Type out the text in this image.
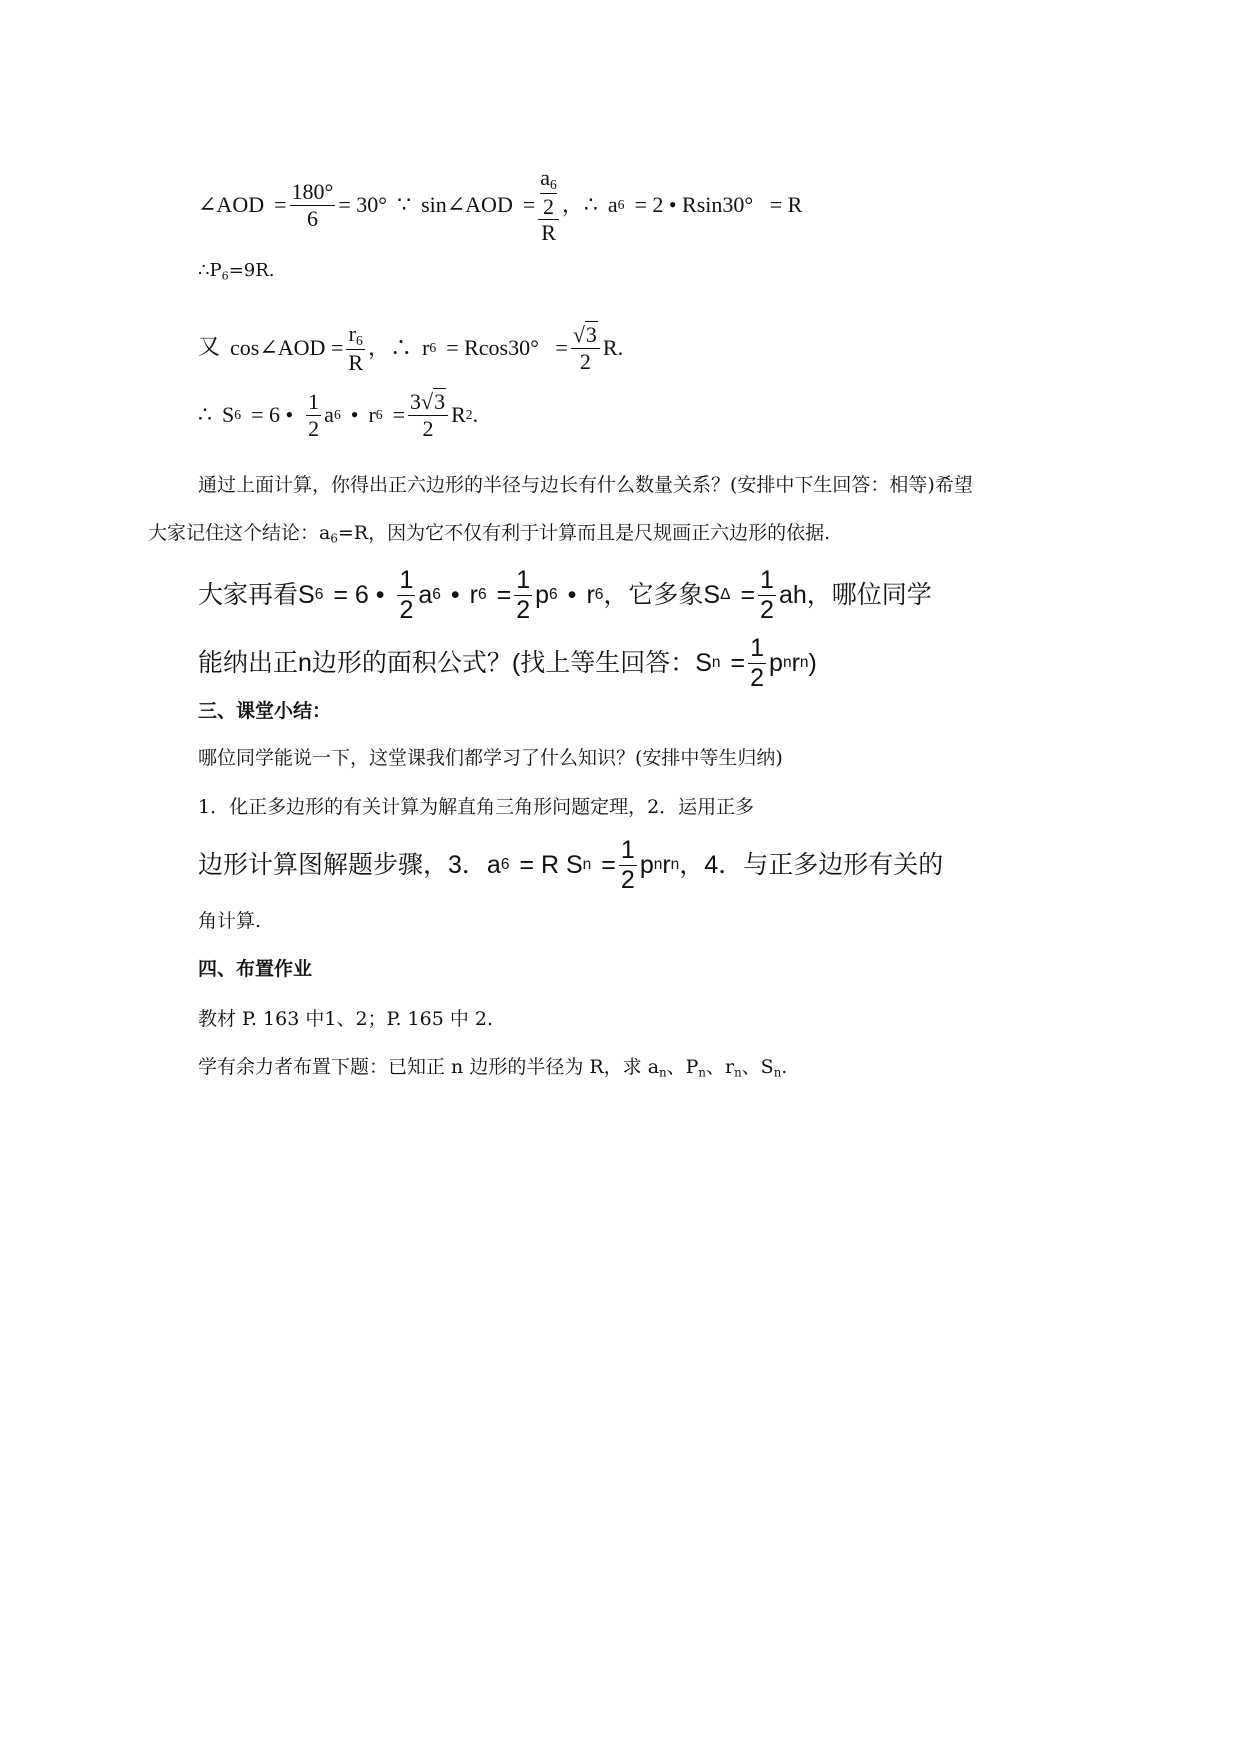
∠AOD = $\frac{180^\circ}{6} = 30^\circ$ ∵ sin∠AOD = $a_6$
2
R ， ∴ a 6 = 2 • Rsin30°   = R
$\therefore P_6=9R$.
又 cos∠AOD = $\frac{r_6}{R}$ ，∴ r $6 = Rcos30^\circ = \frac{√3}{2} R$.
∴ S 6 = 6 • $\frac{1}{2}$ a 6 • r $6 = \frac{3√3}{2}$ R 2 .
通过上面计算，你得出正六边形的半径与边长有什么数量关系？(安排中下生回答：相等)希望
大家记住这个结论：$a_6=R$，因为它不仅有利于计算而且是尺规画正六边形的依据.
大家再看S 6 = 6 • $\frac{1}{2}$ a 6 • r $6 = \frac{1}{2}$ p 6 • r 6 ，它多象S $\Delta = \frac{1}{2}$ ah，哪位同学
能纳出正n边形的面积公式？(找上等生回答：S $n = \frac{1}{2}$ p n r n )
三、课堂小结：
哪位同学能说一下，这堂课我们都学习了什么知识？(安排中等生归纳)
1．化正多边形的有关计算为解直角三角形问题定理，2．运用正多
边形计算图解题步骤，3．a 6 = R S $n = \frac{1}{2}$ p n r n ，4．与正多边形有关的
角计算.
四、布置作业
教材 P. 163 中1、2；P. 165 中 2.
学有余力者布置下题：已知正 n 边形的半径为 R，求 $a_n$、$P_n$、$r_n$、$S_n$.
